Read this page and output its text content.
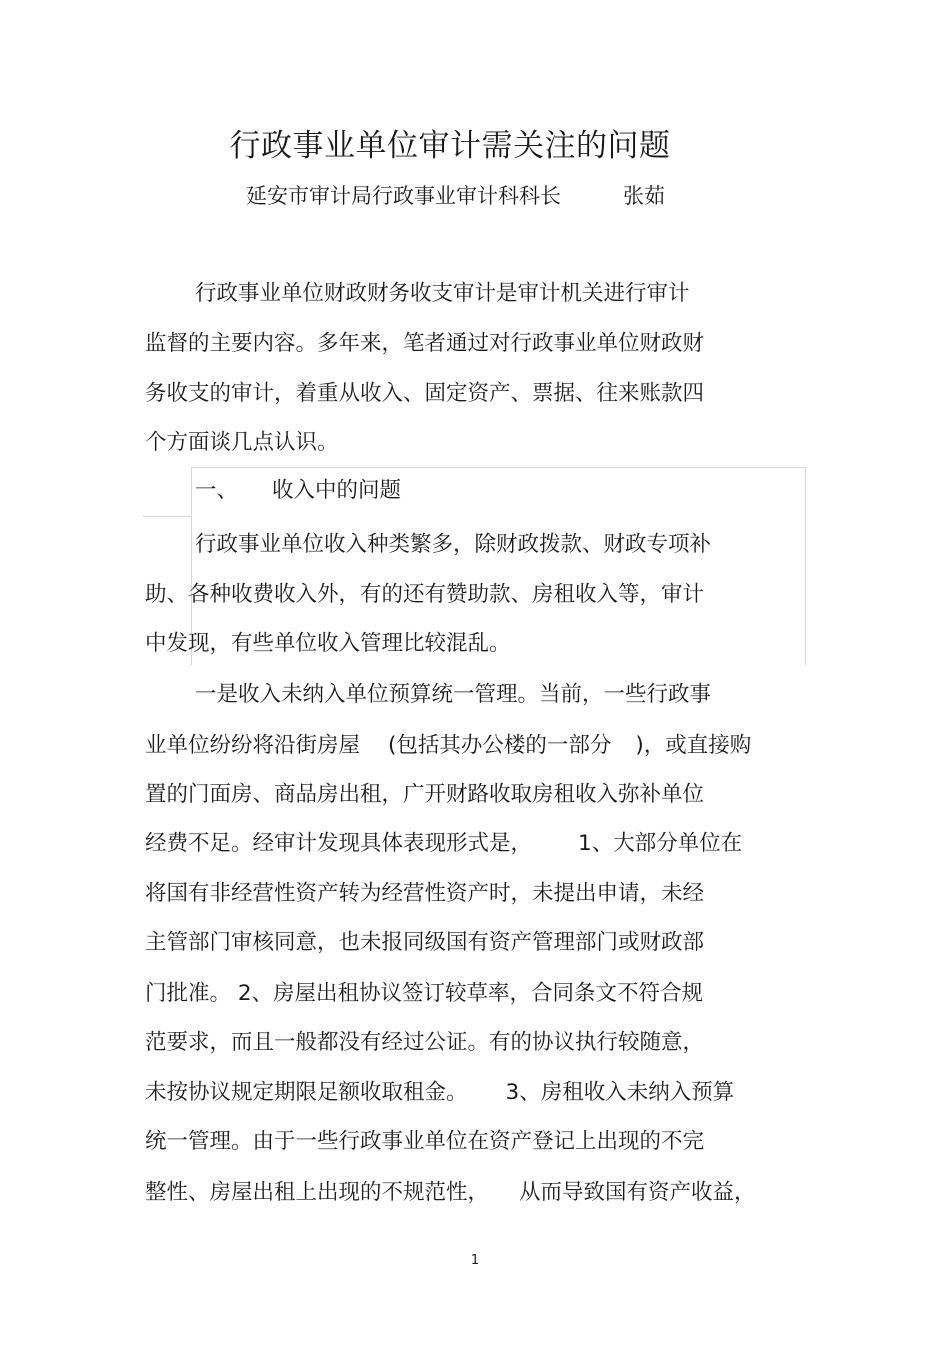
行政事业单位审计需关注的问题
延安市审计局行政事业审计科科长	张茹
行政事业单位财政财务收支审计是审计机关进行审计
监督的主要内容。多年来，笔者通过对行政事业单位财政财
务收支的审计，着重从收入、固定资产、票据、往来账款四
个方面谈几点认识。
一、 收入中的问题
行政事业单位收入种类繁多，除财政拨款、财政专项补
助、各种收费收入外，有的还有赞助款、房租收入等，审计
中发现，有些单位收入管理比较混乱。
一是收入未纳入单位预算统一管理。当前，一些行政事
业单位纷纷将沿街房屋 (包括其办公楼的一部分 )，或直接购
置的门面房、商品房出租，广开财路收取房租收入弥补单位
经费不足。经审计发现具体表现形式是， 1、大部分单位在
将国有非经营性资产转为经营性资产时，未提出申请，未经
主管部门审核同意，也未报同级国有资产管理部门或财政部
门批准。 2、房屋出租协议签订较草率，合同条文不符合规
范要求，而且一般都没有经过公证。有的协议执行较随意，
未按协议规定期限足额收取租金。 3、房租收入未纳入预算
统一管理。由于一些行政事业单位在资产登记上出现的不完
整性、房屋出租上出现的不规范性， 从而导致国有资产收益，
1
